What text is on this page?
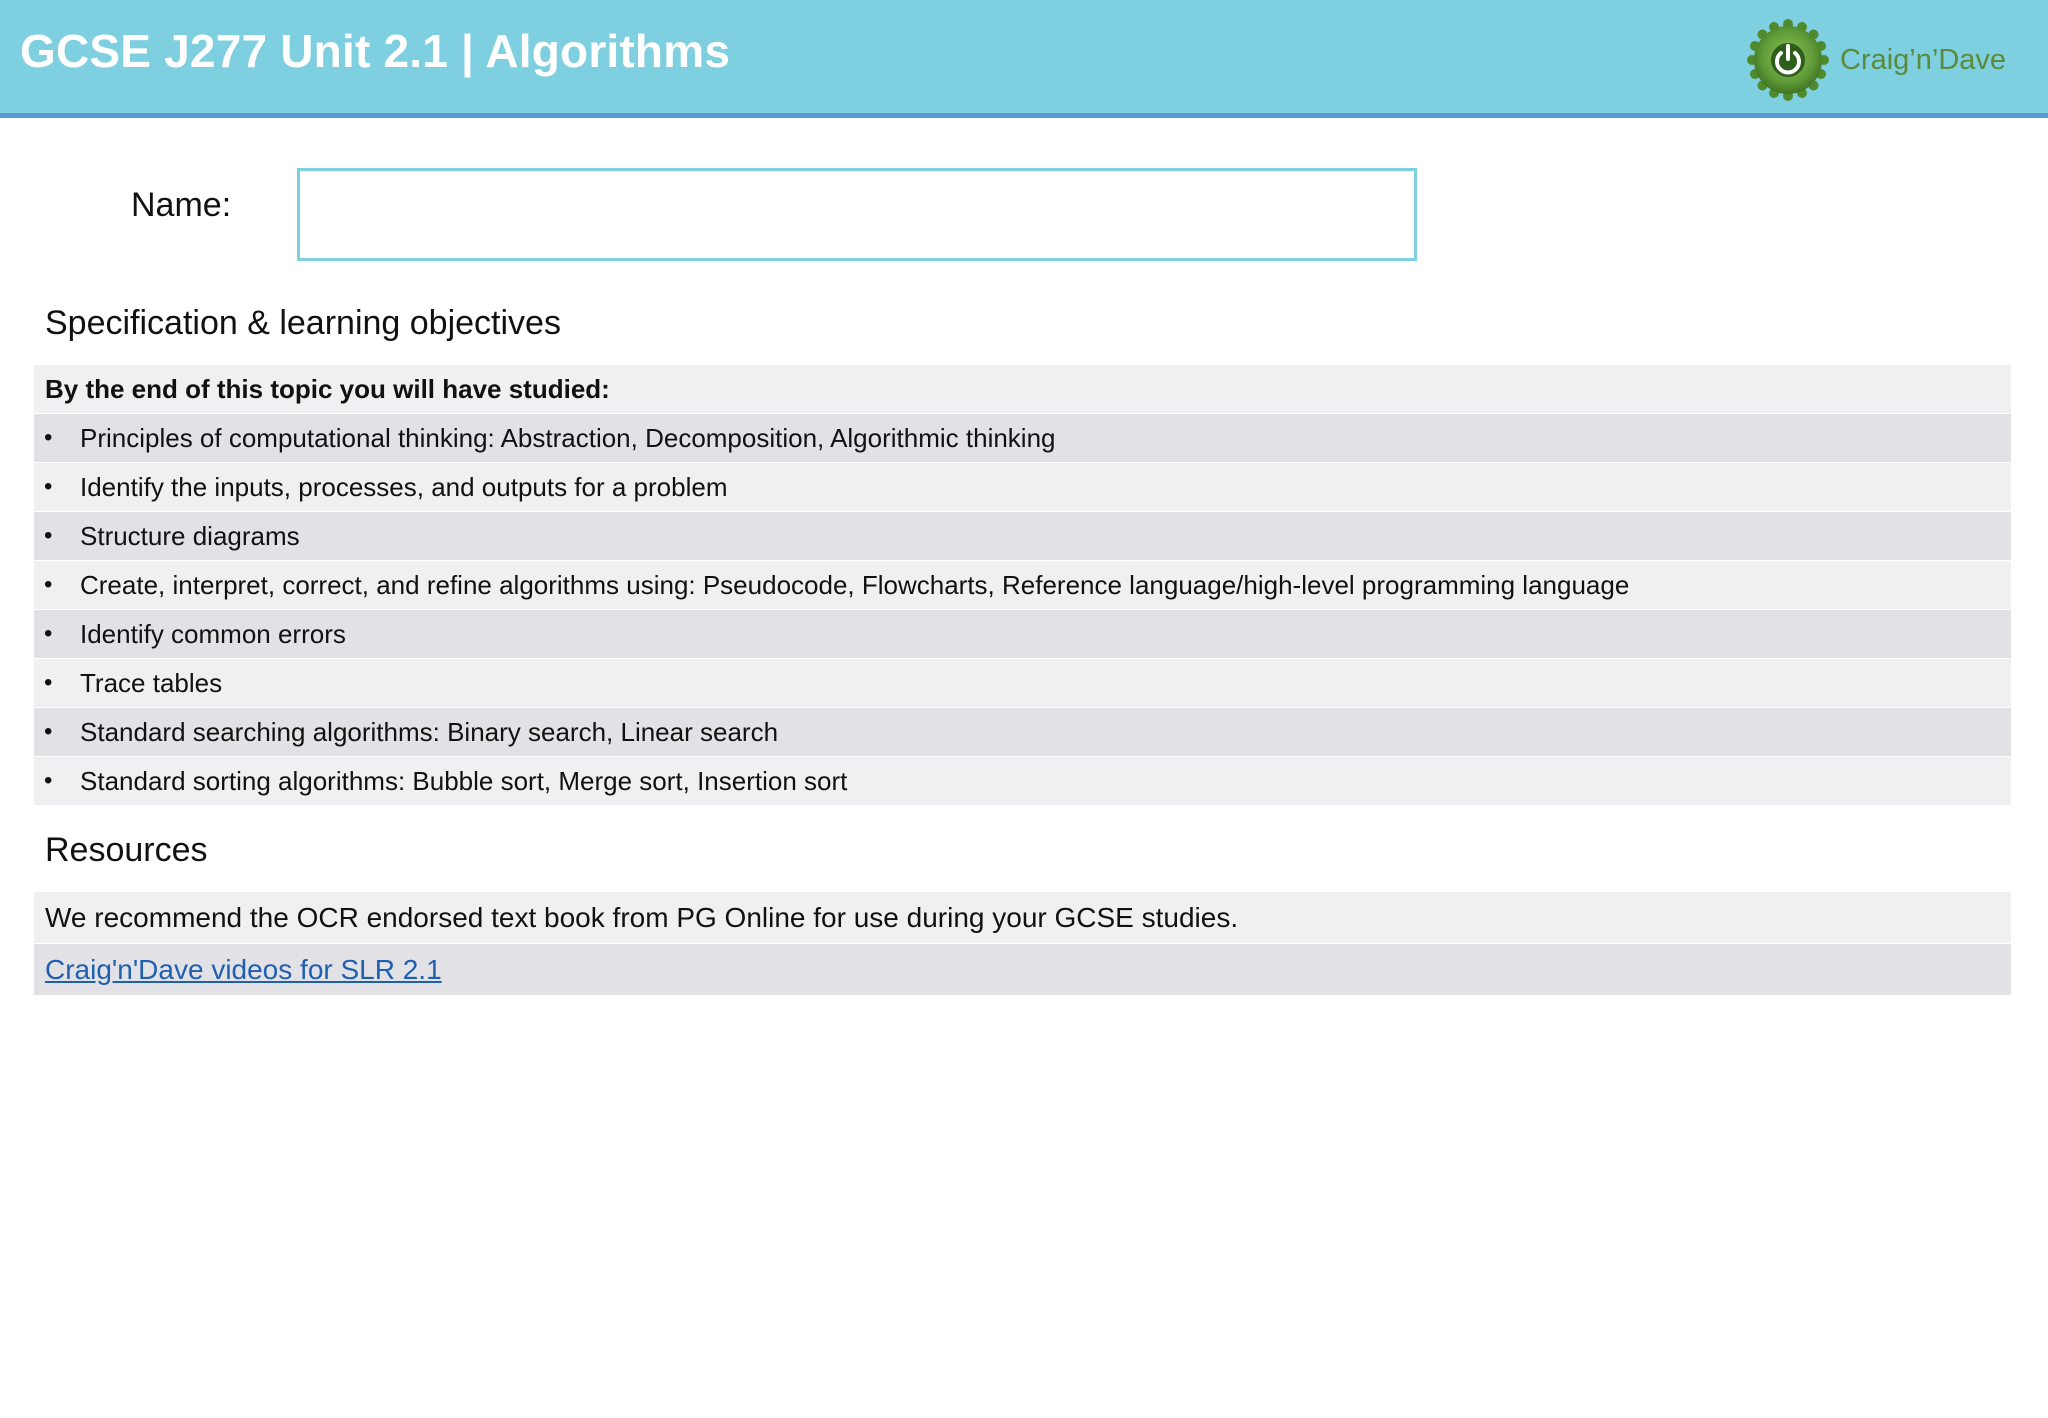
GCSE J277 Unit 2.1 | Algorithms	Craig’n’Dave
Name:
Specification & learning objectives
By the end of this topic you will have studied:
•	Principles of computational thinking: Abstraction, Decomposition, Algorithmic thinking
•	Identify the inputs, processes, and outputs for a problem
•	Structure diagrams
•	Create, interpret, correct, and refine algorithms using: Pseudocode, Flowcharts, Reference language/high-level programming language
•	Identify common errors
•	Trace tables
•	Standard searching algorithms: Binary search, Linear search
•	Standard sorting algorithms: Bubble sort, Merge sort, Insertion sort
Resources
We recommend the OCR endorsed text book from PG Online for use during your GCSE studies.
Craig'n'Dave videos for SLR 2.1
